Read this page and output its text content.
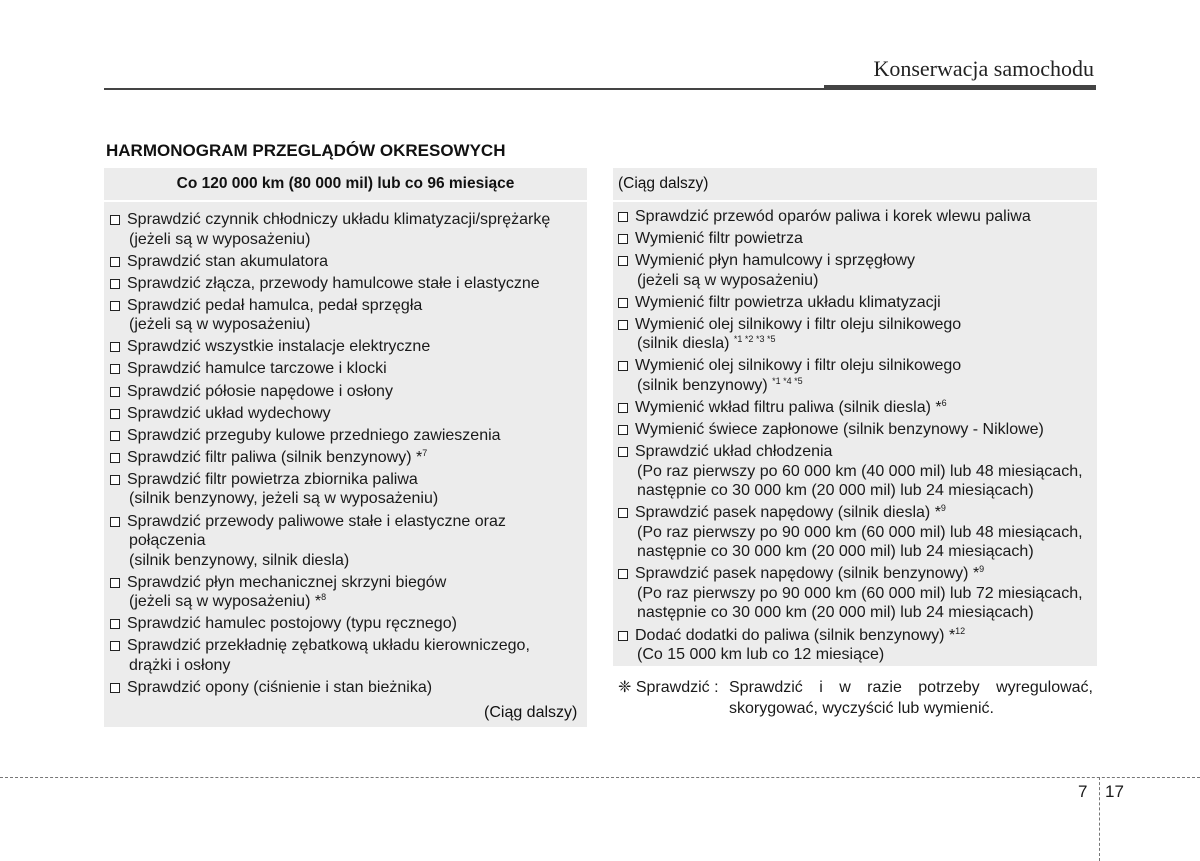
Konserwacja samochodu
HARMONOGRAM PRZEGLĄDÓW OKRESOWYCH
Co 120 000 km (80 000 mil) lub co 96 miesiące
Sprawdzić czynnik chłodniczy układu klimatyzacji/sprężarkę
(jeżeli są w wyposażeniu)
Sprawdzić stan akumulatora
Sprawdzić złącza, przewody hamulcowe stałe i elastyczne
Sprawdzić pedał hamulca, pedał sprzęgła
(jeżeli są w wyposażeniu)
Sprawdzić wszystkie instalacje elektryczne
Sprawdzić hamulce tarczowe i klocki
Sprawdzić półosie napędowe i osłony
Sprawdzić układ wydechowy
Sprawdzić przeguby kulowe przedniego zawieszenia
Sprawdzić filtr paliwa (silnik benzynowy) *$^7$
Sprawdzić filtr powietrza zbiornika paliwa
(silnik benzynowy, jeżeli są w wyposażeniu)
Sprawdzić przewody paliwowe stałe i elastyczne oraz
połączenia
(silnik benzynowy, silnik diesla)
Sprawdzić płyn mechanicznej skrzyni biegów
(jeżeli są w wyposażeniu) *$^8$
Sprawdzić hamulec postojowy (typu ręcznego)
Sprawdzić przekładnię zębatkową układu kierowniczego,
drążki i osłony
Sprawdzić opony (ciśnienie i stan bieżnika)
(Ciąg dalszy)
(Ciąg dalszy)
Sprawdzić przewód oparów paliwa i korek wlewu paliwa
Wymienić filtr powietrza
Wymienić płyn hamulcowy i sprzęgłowy
(jeżeli są w wyposażeniu)
Wymienić filtr powietrza układu klimatyzacji
Wymienić olej silnikowy i filtr oleju silnikowego
(silnik diesla) $^{*1 *2 *3 *5}$
Wymienić olej silnikowy i filtr oleju silnikowego
(silnik benzynowy) $^{*1 *4 *5}$
Wymienić wkład filtru paliwa (silnik diesla) *$^6$
Wymienić świece zapłonowe (silnik benzynowy - Niklowe)
Sprawdzić układ chłodzenia
(Po raz pierwszy po 60 000 km (40 000 mil) lub 48 miesiącach,
następnie co 30 000 km (20 000 mil) lub 24 miesiącach)
Sprawdzić pasek napędowy (silnik diesla) *$^9$
(Po raz pierwszy po 90 000 km (60 000 mil) lub 48 miesiącach,
następnie co 30 000 km (20 000 mil) lub 24 miesiącach)
Sprawdzić pasek napędowy (silnik benzynowy) *$^9$
(Po raz pierwszy po 90 000 km (60 000 mil) lub 72 miesiącach,
następnie co 30 000 km (20 000 mil) lub 24 miesiącach)
Dodać dodatki do paliwa (silnik benzynowy) *$^{12}$
(Co 15 000 km lub co 12 miesiące)
❈ Sprawdzić : Sprawdzić i w razie potrzeby wyregulować, skorygować, wyczyścić lub wymienić.
7 17
